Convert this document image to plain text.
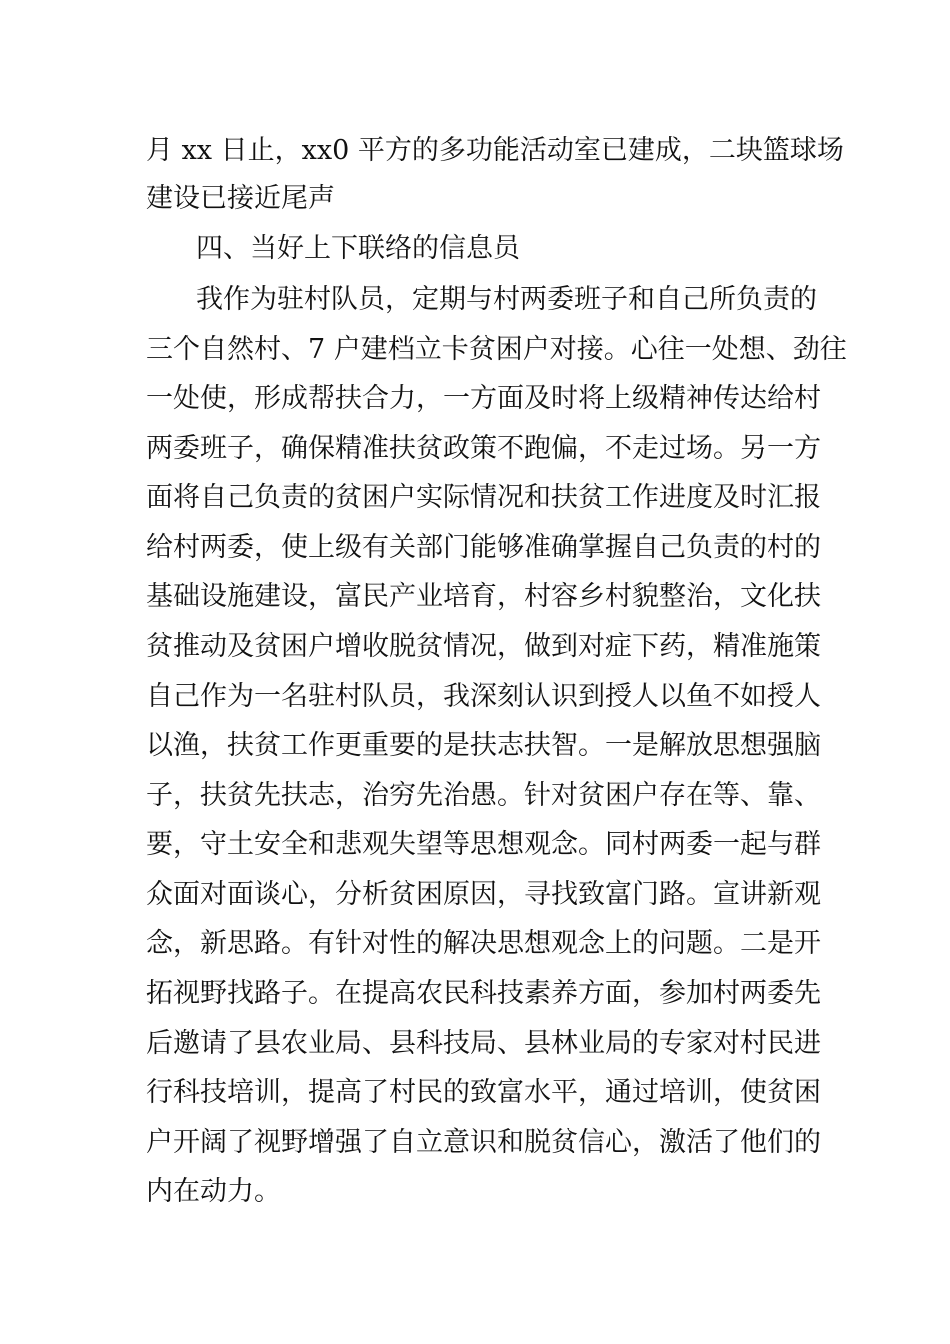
月 xx 日止，xx0 平方的多功能活动室已建成，二块篮球场
建设已接近尾声
四、当好上下联络的信息员
我作为驻村队员，定期与村两委班子和自己所负责的
三个自然村、7 户建档立卡贫困户对接。心往一处想、劲往
一处使，形成帮扶合力，一方面及时将上级精神传达给村
两委班子，确保精准扶贫政策不跑偏，不走过场。另一方
面将自己负责的贫困户实际情况和扶贫工作进度及时汇报
给村两委，使上级有关部门能够准确掌握自己负责的村的
基础设施建设，富民产业培育，村容乡村貌整治，文化扶
贫推动及贫困户增收脱贫情况，做到对症下药，精准施策
自己作为一名驻村队员，我深刻认识到授人以鱼不如授人
以渔，扶贫工作更重要的是扶志扶智。一是解放思想强脑
子，扶贫先扶志，治穷先治愚。针对贫困户存在等、靠、
要，守土安全和悲观失望等思想观念。同村两委一起与群
众面对面谈心，分析贫困原因，寻找致富门路。宣讲新观
念，新思路。有针对性的解决思想观念上的问题。二是开
拓视野找路子。在提高农民科技素养方面，参加村两委先
后邀请了县农业局、县科技局、县林业局的专家对村民进
行科技培训，提高了村民的致富水平，通过培训，使贫困
户开阔了视野增强了自立意识和脱贫信心，激活了他们的
内在动力。
